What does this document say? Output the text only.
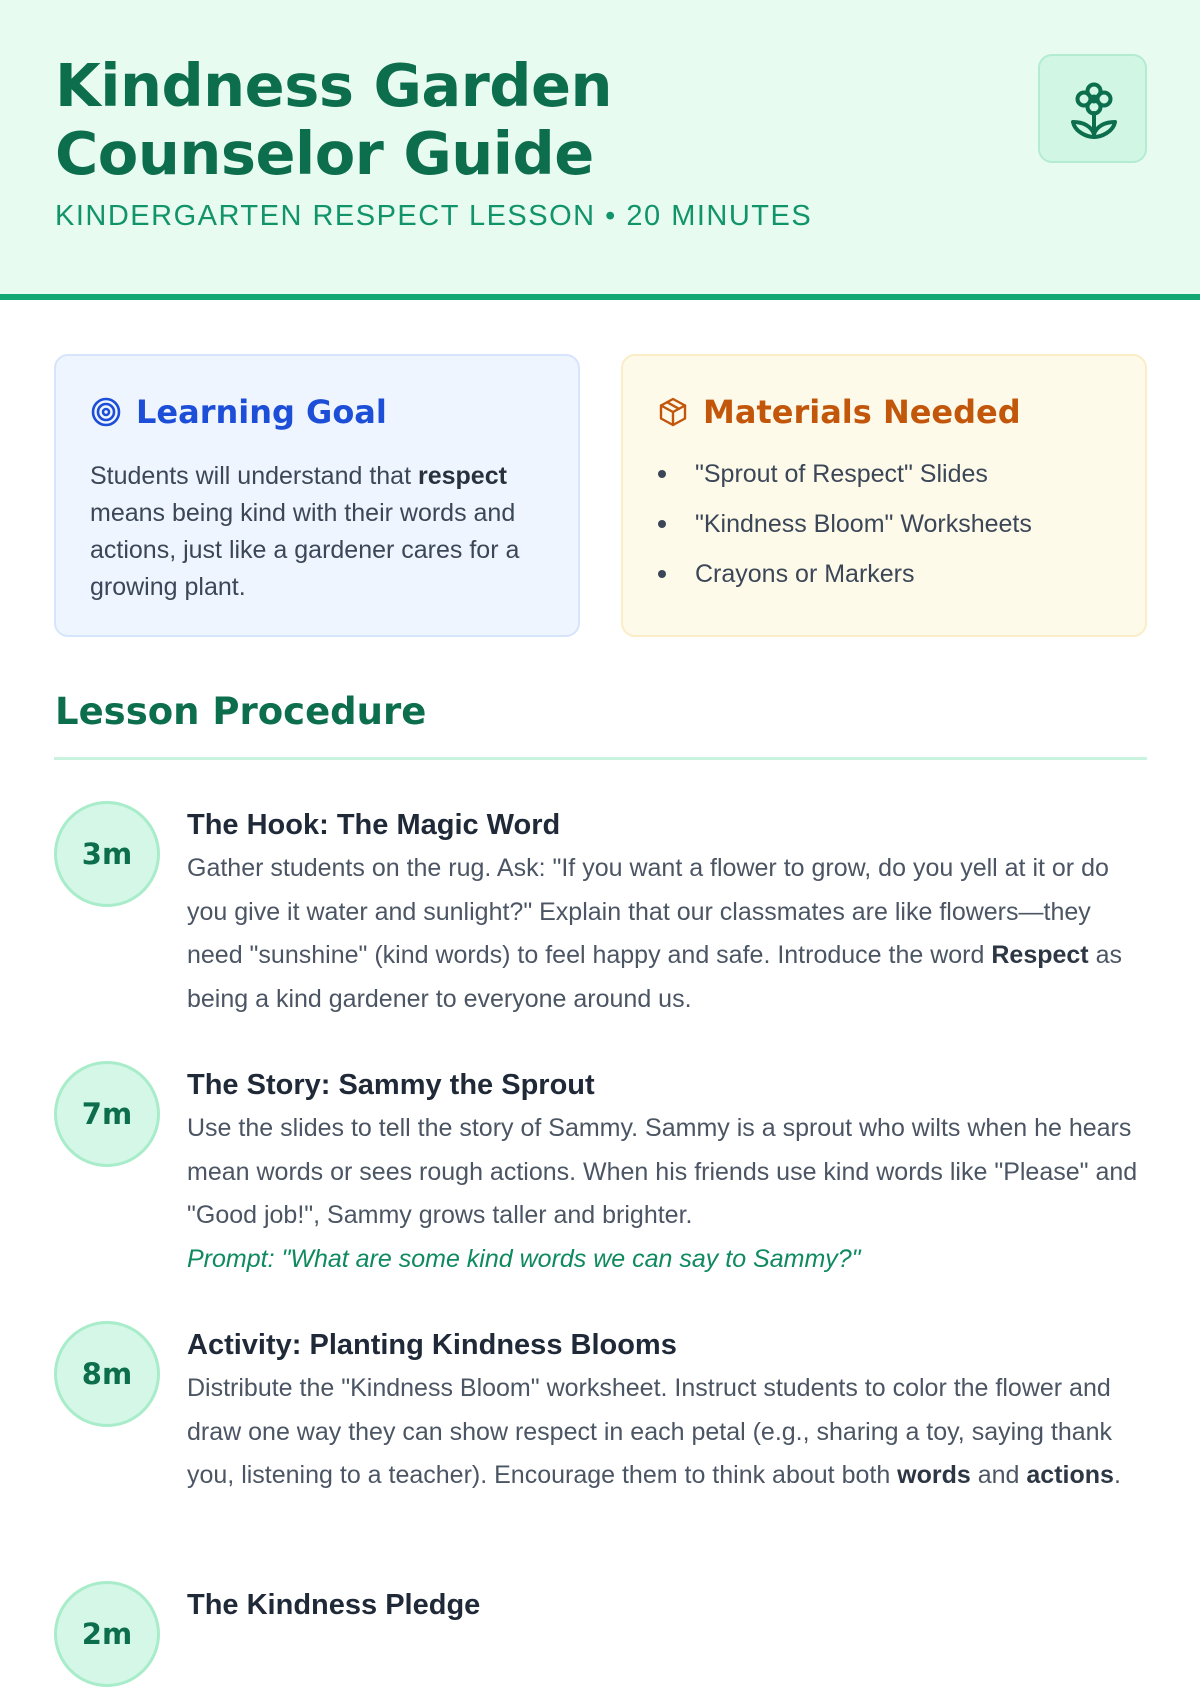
Kindness Garden Counselor Guide
KINDERGARTEN RESPECT LESSON • 20 MINUTES
Learning Goal

Students will understand that respect means being kind with their words and actions, just like a gardener cares for a growing plant.

Materials Needed
"Sprout of Respect" Slides
"Kindness Bloom" Worksheets
Crayons or Markers
Lesson Procedure
3m
The Hook: The Magic Word

Gather students on the rug. Ask: "If you want a flower to grow, do you yell at it or do you give it water and sunlight?" Explain that our classmates are like flowers—they need "sunshine" (kind words) to feel happy and safe. Introduce the word Respect as being a kind gardener to everyone around us.

7m
The Story: Sammy the Sprout

Use the slides to tell the story of Sammy. Sammy is a sprout who wilts when he hears mean words or sees rough actions. When his friends use kind words like "Please" and "Good job!", Sammy grows taller and brighter.

Prompt: "What are some kind words we can say to Sammy?"

8m
Activity: Planting Kindness Blooms

Distribute the "Kindness Bloom" worksheet. Instruct students to color the flower and draw one way they can show respect in each petal (e.g., sharing a toy, saying thank you, listening to a teacher). Encourage them to think about both words and actions.

2m
The Kindness Pledge
